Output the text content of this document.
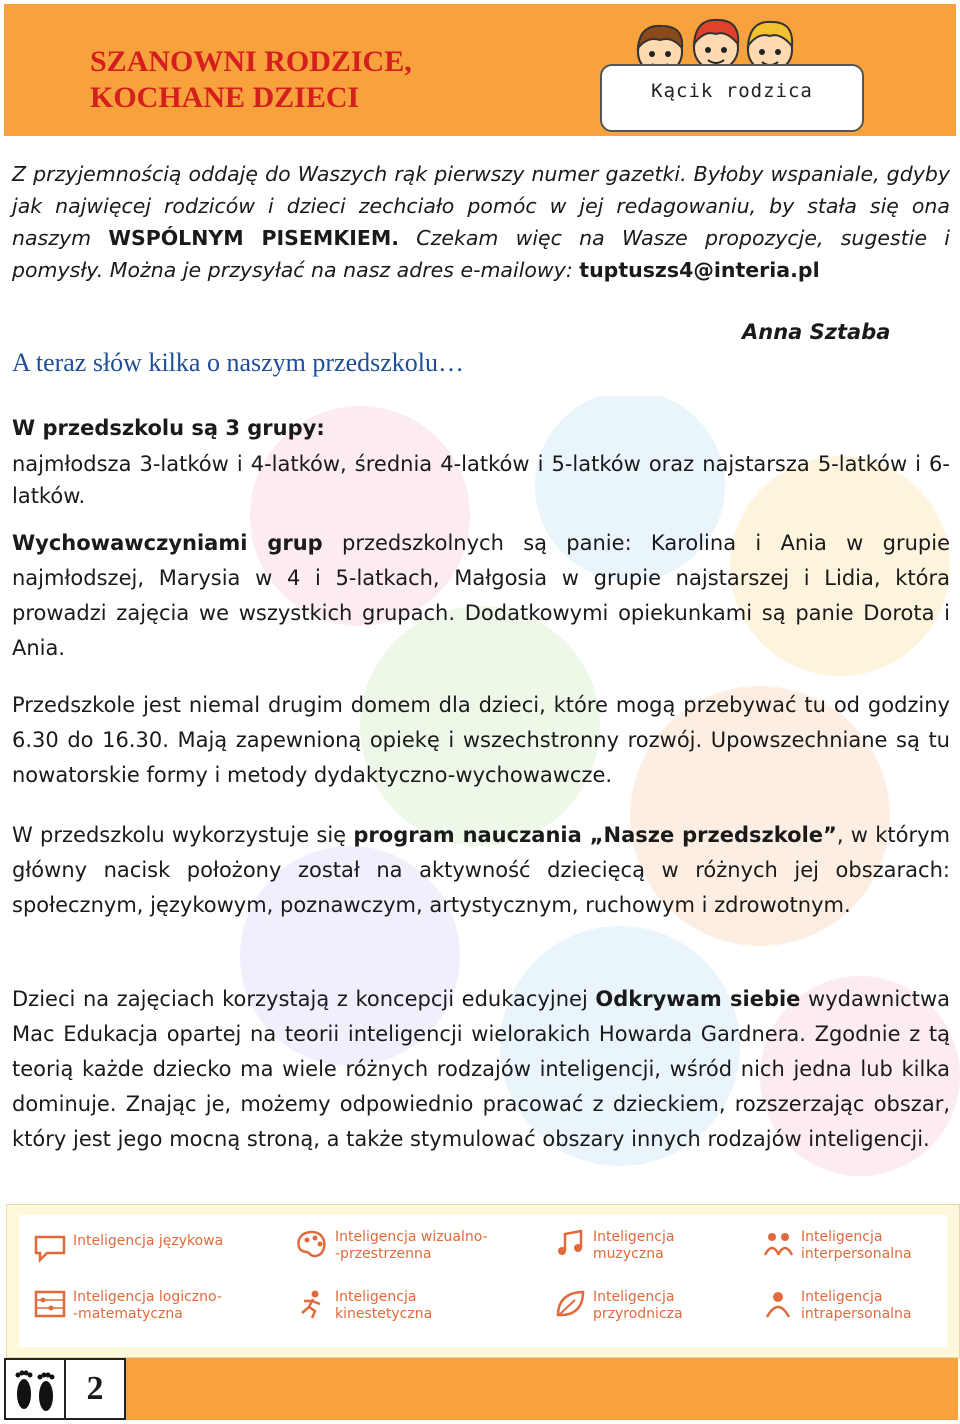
SZANOWNI RODZICE,
KOCHANE DZIECI	Kącik rodzica
Z przyjemnością oddaję do Waszych rąk pierwszy numer gazetki. Byłoby wspaniale, gdyby jak najwięcej rodziców i dzieci zechciało pomóc w jej redagowaniu, by stała się ona naszym WSPÓLNYM PISEMKIEM. Czekam więc na Wasze propozycje, sugestie i pomysły. Można je przysyłać na nasz adres e-mailowy: tuptuszs4@interia.pl
Anna Sztaba
A teraz słów kilka o naszym przedszkolu…
W przedszkolu są 3 grupy:
najmłodsza 3-latków i 4-latków, średnia 4-latków i 5-latków oraz najstarsza 5-latków i 6-latków.
Wychowawczyniami grup przedszkolnych są panie: Karolina i Ania w grupie najmłodszej, Marysia w 4 i 5-latkach, Małgosia w grupie najstarszej i Lidia, która prowadzi zajęcia we wszystkich grupach. Dodatkowymi opiekunkami są panie Dorota i Ania.
Przedszkole jest niemal drugim domem dla dzieci, które mogą przebywać tu od godziny 6.30 do 16.30. Mają zapewnioną opiekę i wszechstronny rozwój. Upowszechniane są tu nowatorskie formy i metody dydaktyczno-wychowawcze.
W przedszkolu wykorzystuje się program nauczania „Nasze przedszkole”, w którym główny nacisk położony został na aktywność dziecięcą w różnych jej obszarach: społecznym, językowym, poznawczym, artystycznym, ruchowym i zdrowotnym.
Dzieci na zajęciach korzystają z koncepcji edukacyjnej Odkrywam siebie wydawnictwa Mac Edukacja opartej na teorii inteligencji wielorakich Howarda Gardnera. Zgodnie z tą teorią każde dziecko ma wiele różnych rodzajów inteligencji, wśród nich jedna lub kilka dominuje. Znając je, możemy odpowiednio pracować z dzieckiem, rozszerzając obszar, który jest jego mocną stroną, a także stymulować obszary innych rodzajów inteligencji.
Inteligencja językowa	Inteligencja wizualno-
-przestrzenna
Inteligencja
muzyczna
Inteligencja
interpersonalna
Inteligencja logiczno-
-matematyczna
Inteligencja
kinestetyczna
Inteligencja
przyrodnicza
Inteligencja
intrapersonalna
2
